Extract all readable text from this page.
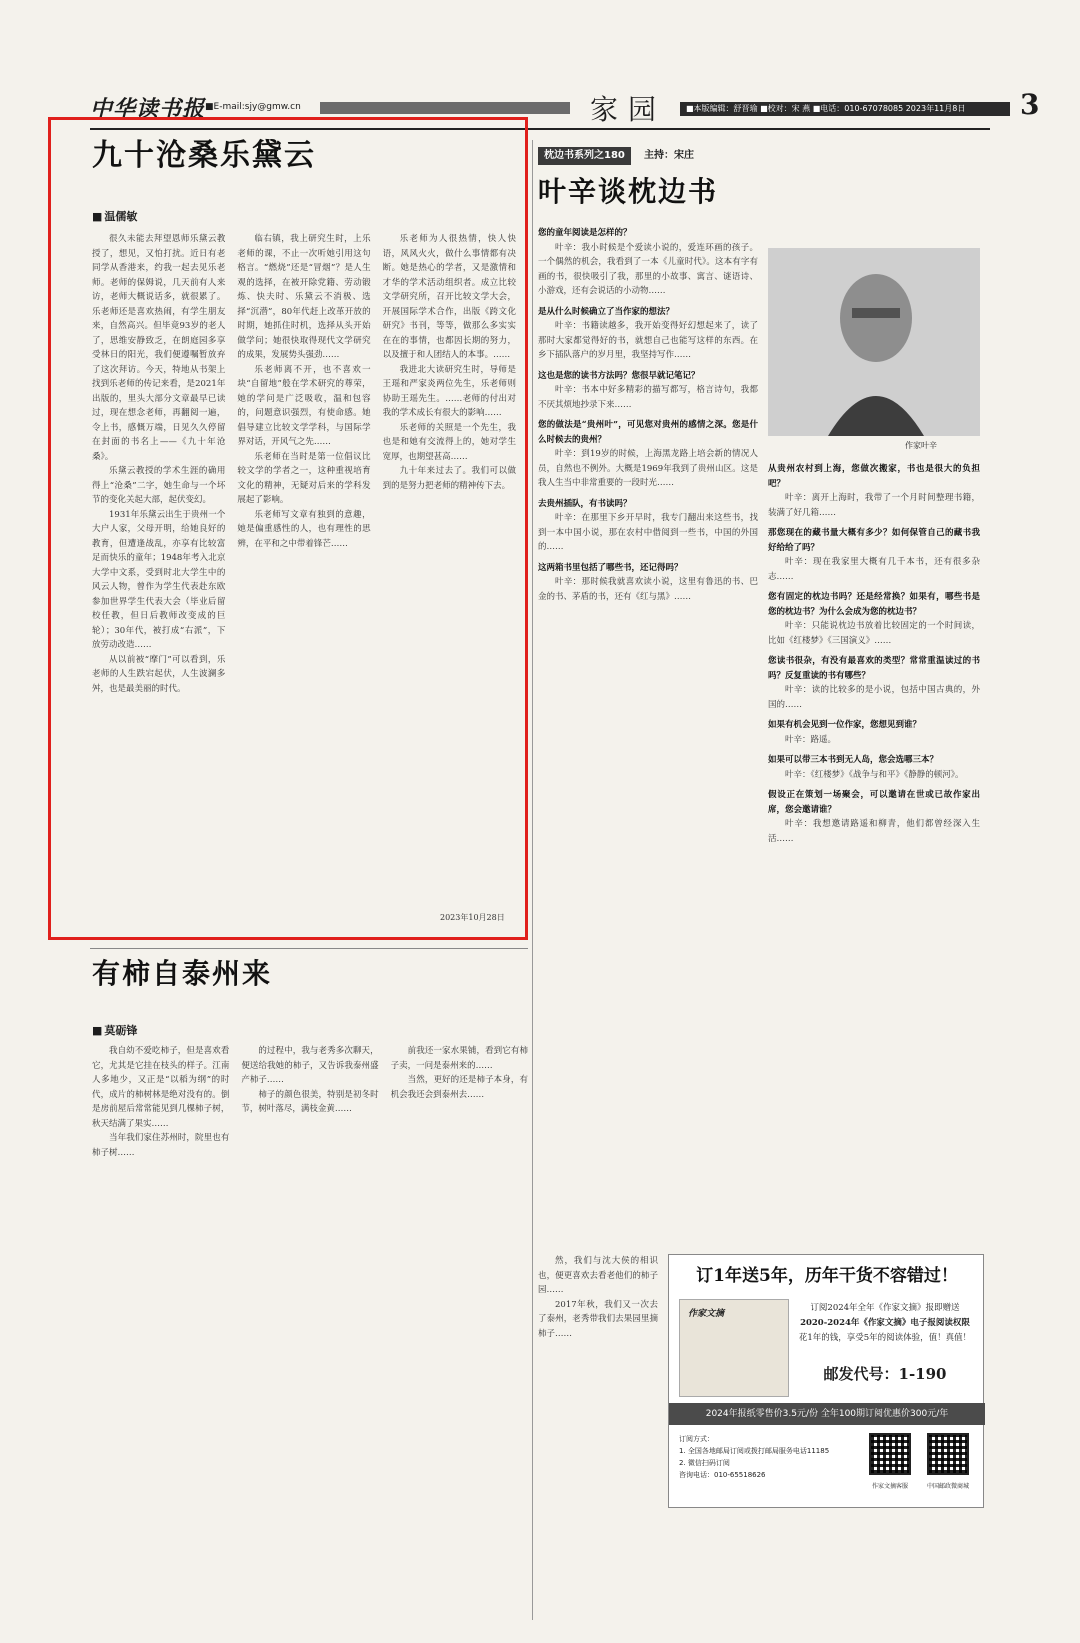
中华读书报 ■E-mail:sjy@gmw.cn	家园	■本版编辑：舒晋瑜 ■校对：宋 燕 ■电话：010-67078085 2023年11月8日	3
九十沧桑乐黛云
■ 温儒敏

很久未能去拜望恩师乐黛云教授了，想见，又怕打扰。近日有老同学从香港来，约我一起去见乐老师。老师的保姆说，几天前有人来访，老师大概说话多，就很累了。乐老师还是喜欢热闹，有学生朋友来，自然高兴。但毕竟93岁的老人了，思维安静致乏，在朗庭园多享受林日的阳光，我们便遵嘱暂放弃了这次拜访。今天，特地从书架上找到乐老师的传记来看，是2021年出版的，里头大部分文章最早已读过，现在想念老师，再翻阅一遍，令上书，感慨万端，日见久久停留在封面的书名上——《九十年沧桑》。

乐黛云教授的学术生涯的确用得上“沧桑”二字，她生命与一个坏节的变化关起大部，起伏变幻。

1931年乐黛云出生于贵州一个大户人家，父母开明，给她良好的教育，但遭逢战乱，亦享有比较富足而快乐的童年；1948年考入北京大学中文系，受到时北大学生中的风云人物，曾作为学生代表赴东欧参加世界学生代表大会（毕业后留校任教，但日后教师改变成的巨轮）；30年代，被打成“右派”，下放劳动改造……

从以前被“摩门”可以看到，乐老师的人生跌宕起伏，人生波澜多舛，也是最美丽的时代。

临右镇，我上研究生时，上乐老师的课，不止一次听她引用这句格言。“燃烧”还是“冒烟”？是人生观的选择，在被开除党籍、劳动锻炼、快夫时、乐黛云不消极、选择“沉潜”，80年代赶上改革开放的时期，她抓住时机，选择从头开始做学问；她很快取得现代文学研究的成果，发展势头强劲……

乐老师离不开，也不喜欢一块“自留地”般在学术研究的尊荣，她的学问是广泛吸收，温和包容的，问题意识强烈，有使命感。她倡导建立比较文学学科，与国际学界对话，开风气之先……

乐老师在当时是第一位倡议比较文学的学者之一，这种重视培育文化的精神，无疑对后来的学科发展起了影响。

乐老师写文章有独到的意趣，她是偏重感性的人，也有理性的思辨，在平和之中带着锋芒……

乐老师为人很热情，快人快语，风风火火，做什么事情都有决断。她是热心的学者，又是激情和才华的学术活动组织者。成立比较文学研究所，召开比较文学大会，开展国际学术合作，出版《跨文化研究》书刊，等等，做那么多实实在在的事情，也都因长期的努力，以及擅于和人团结人的本事。……

我进北大读研究生时，导师是王瑶和严家炎两位先生，乐老师则协助王瑶先生。……老师的付出对我的学术成长有很大的影响……

乐老师的关照是一个先生，我也是和她有交流得上的，她对学生宽厚，也期望甚高……

九十年来过去了。我们可以做到的是努力把老师的精神传下去。

2023年10月28日
枕边书系列之180	主持：宋庄
叶辛谈枕边书
作家叶辛
您的童年阅读是怎样的？

叶辛：我小时候是个爱读小说的，爱连环画的孩子。一个偶然的机会，我看到了一本《儿童时代》。这本有字有画的书，很快吸引了我，那里的小故事、寓言、谜语诗、小游戏，还有会说话的小动物……

是从什么时候确立了当作家的想法？

叶辛：书籍读越多，我开始变得好幻想起来了，读了那时大家都觉得好的书，就想自己也能写这样的东西。在乡下插队落户的岁月里，我坚持写作……

这也是您的读书方法吗？您很早就记笔记？

叶辛：书本中好多精彩的描写都写，格言诗句，我都不厌其烦地抄录下来……

您的做法是“贵州叶”，可见您对贵州的感情之深。您是什么时候去的贵州？

叶辛：到19岁的时候，上海黑龙路上培会新的情况人员，自然也不例外。大概是1969年我到了贵州山区。这是我人生当中非常重要的一段时光……

去贵州插队，有书读吗？

叶辛：在那里下乡开早时，我专门翻出来这些书，找到一本中国小说，那在农村中借阅到一些书，中国的外国的……

这两箱书里包括了哪些书，还记得吗？

叶辛：那时候我就喜欢读小说，这里有鲁迅的书、巴金的书、茅盾的书，还有《红与黑》……

从贵州农村到上海，您做次搬家，书也是很大的负担吧？

叶辛：离开上海时，我带了一个月时间整理书籍，装满了好几箱……

那您现在的藏书量大概有多少？如何保管自己的藏书我好给给了吗？

叶辛：现在我家里大概有几千本书，还有很多杂志……

您有固定的枕边书吗？还是经常换？如果有，哪些书是您的枕边书？为什么会成为您的枕边书？

叶辛：只能说枕边书放着比较固定的一个时间读，比如《红楼梦》《三国演义》……

您读书很杂，有没有最喜欢的类型？常常重温读过的书吗？反复重读的书有哪些？

叶辛：读的比较多的是小说，包括中国古典的，外国的……

如果有机会见到一位作家，您想见到谁？

叶辛：路遥。

如果可以带三本书到无人岛，您会选哪三本？

叶辛：《红楼梦》《战争与和平》《静静的顿河》。

假设正在策划一场聚会，可以邀请在世或已故作家出席，您会邀请谁？

叶辛：我想邀请路遥和柳青，他们都曾经深入生活……

有柿自泰州来
■ 莫砺锋

我自幼不爱吃柿子，但是喜欢看它，尤其是它挂在枝头的样子。江南人多地少，又正是“以稻为纲”的时代，成片的柿树林是绝对没有的。倒是房前屋后常常能见到几棵柿子树，秋天结满了果实……

当年我们家住苏州时，院里也有柿子树……

的过程中，我与老秀多次聊天，便送给我她的柿子，又告诉我泰州盛产柿子……

柿子的颜色很美，特别是初冬时节，树叶落尽，满枝金黄……

前我还一家水果铺，看到它有柿子卖，一问是泰州来的……

当然，更好的还是柿子本身，有机会我还会到泰州去……

然，我们与沈大侯的相识也，便更喜欢去看老他们的柿子园……

2017年秋，我们又一次去了泰州，老秀带我们去果园里摘柿子……

订1年送5年，历年干货不容错过！
作家文摘
订阅2024年全年《作家文摘》报即赠送
2020-2024年《作家文摘》电子报阅读权限
花1年的钱，享受5年的阅读体验，值！真值！
邮发代号：1-190
2024年报纸零售价3.5元/份 全年100期订阅优惠价300元/年
订阅方式：
1. 全国各地邮局订阅或拨打邮局服务电话11185
2. 微信扫码订阅
咨询电话：010-65518626
作家文摘客服	中国邮政微商城
